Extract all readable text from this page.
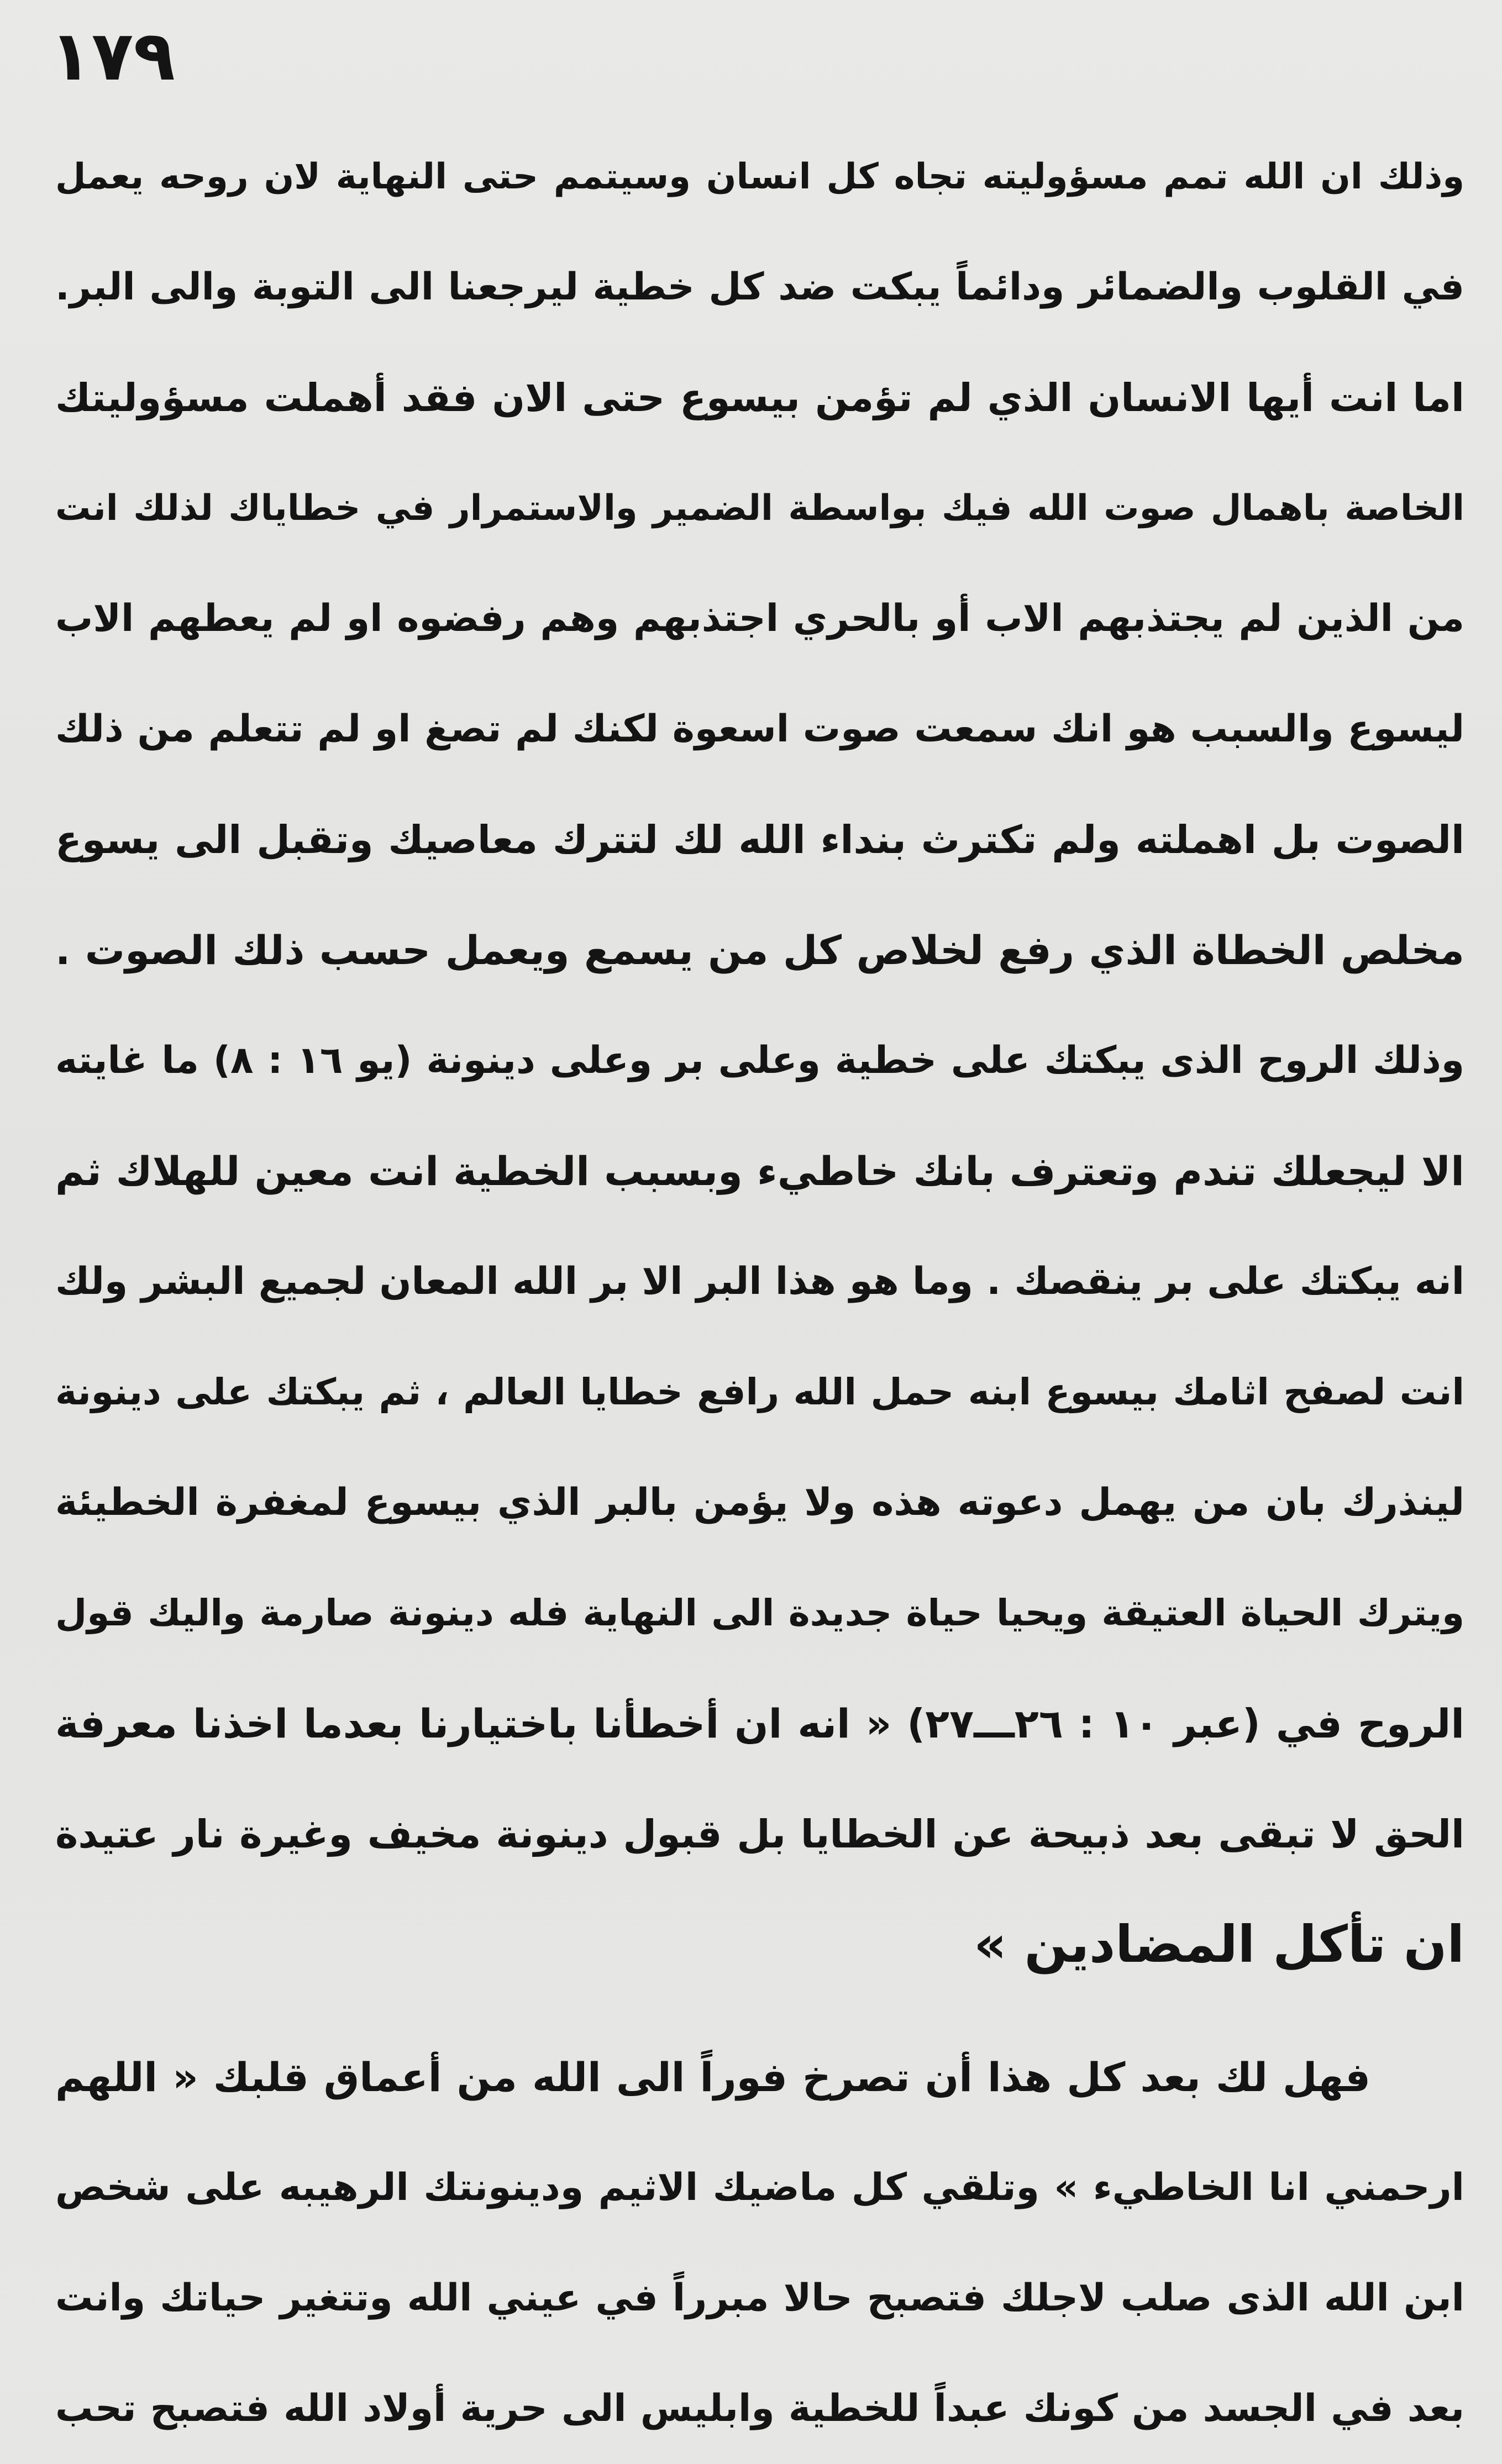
١٧٩
وذلك ان الله تمم مسؤوليته تجاه كل انسان وسيتمم حتى النهاية لان روحه يعمل
في القلوب والضمائر ودائماً يبكت ضد كل خطية ليرجعنا الى التوبة والى البر.
اما انت أيها الانسان الذي لم تؤمن بيسوع حتى الان فقد أهملت مسؤوليتك
الخاصة باهمال صوت الله فيك بواسطة الضمير والاستمرار في خطاياك لذلك انت
من الذين لم يجتذبهم الاب أو بالحري اجتذبهم وهم رفضوه او لم يعطهم الاب
ليسوع والسبب هو انك سمعت صوت اسعوة لكنك لم تصغ او لم تتعلم من ذلك
الصوت بل اهملته ولم تكترث بنداء الله لك لتترك معاصيك وتقبل الى يسوع
مخلص الخطاة الذي رفع لخلاص كل من يسمع ويعمل حسب ذلك الصوت .
وذلك الروح الذى يبكتك على خطية وعلى بر وعلى دينونة (يو ١٦ : ٨) ما غايته
الا ليجعلك تندم وتعترف بانك خاطيء وبسبب الخطية انت معين للهلاك ثم
انه يبكتك على بر ينقصك . وما هو هذا البر الا بر الله المعان لجميع البشر ولك
انت لصفح اثامك بيسوع ابنه حمل الله رافع خطايا العالم ، ثم يبكتك على دينونة
لينذرك بان من يهمل دعوته هذه ولا يؤمن بالبر الذي بيسوع لمغفرة الخطيئة
ويترك الحياة العتيقة ويحيا حياة جديدة الى النهاية فله دينونة صارمة واليك قول
الروح في (عبر ١٠ : ٢٦ـــ٢٧) « انه ان أخطأنا باختيارنا بعدما اخذنا معرفة
الحق لا تبقى بعد ذبيحة عن الخطايا بل قبول دينونة مخيف وغيرة نار عتيدة
ان تأكل المضادين »
فهل لك بعد كل هذا أن تصرخ فوراً الى الله من أعماق قلبك « اللهم
ارحمني انا الخاطيء » وتلقي كل ماضيك الاثيم ودينونتك الرهيبه على شخص
ابن الله الذى صلب لاجلك فتصبح حالا مبرراً في عيني الله وتتغير حياتك وانت
بعد في الجسد من كونك عبداً للخطية وابليس الى حرية أولاد الله فتصبح تحب
